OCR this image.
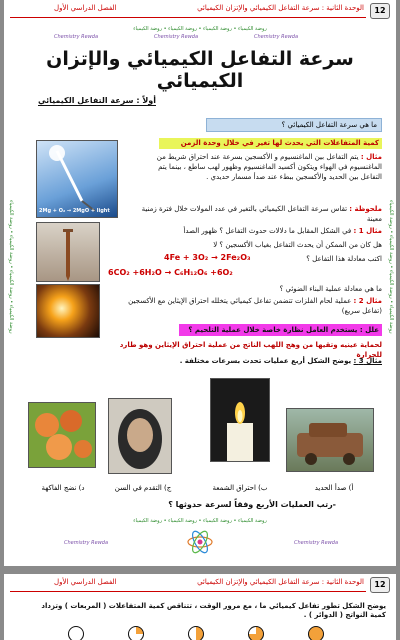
12
الوحدة الثانية : سرعة التفاعل الكيميائي والإتزان الكيميائي
الفصل الدراسي الأول
روضة الكيمياء • روضة الكيمياء • روضة الكيمياء • روضة الكيمياء
Chemistry Rewda	Chemistry Rewda	Chemistry Rewda
روضة الكيمياء • روضة الكيمياء • روضة الكيمياء • روضة الكيمياء	روضة الكيمياء • روضة الكيمياء • روضة الكيمياء • روضة الكيمياء
سرعة التفاعل الكيميائي والإتزان الكيميائي
أولاً : سرعة التفاعل الكيميائي
ما هي سرعة التفاعل الكيميائي ؟
كمية المتفاعلات التي يحدث لها تغير في خلال وحدة الزمن
2Mg + O₂ → 2MgO + light
مثال : يتم التفاعل بين الماغنسيوم و الأكسجين بسرعة عند احتراق شريط من الماغنسيوم في الهواء ويتكون أكسيد الماغنسيوم وظهور لهب ساطع ، بينما يتم التفاعل بين الحديد والأكسجين ببطء عند صدأ مسمار حديدي .
ملحوظة : تقاس سرعة التفاعل الكيميائي بالتغير في عدد المولات خلال فترة زمنية معينة
مثال 1 : في الشكل المقابل ما دلالات حدوث التفاعل ؟ ظهور الصدأ
هل كان من الممكن أن يحدث التفاعل بغياب الأكسجين ؟ لا
اكتب معادلة هذا التفاعل ؟
4Fe + 3O₂ → 2Fe₂O₃
6CO₂ +6H₂O → C₆H₁₂O₆ +6O₂
ما هي معادلة عملية البناء الضوئي ؟
مثال 2 : عملية لحام الفلزات تتضمن تفاعل كيميائي يتخلله احتراق الإيثاين مع الأكسجين (تفاعل سريع)
علل : يستخدم العامل نظارة خاصة خلال عملية التلحيم ؟
لحماية عينيه وتقيها من وهج اللهب الناتج من عملية احتراق الإيثاين وهو طارد للحرارة
مثال 3 : يوضح الشكل أربع عمليات تحدث بسرعات مختلفة .
د) نضج الفاكهة	ج) التقدم في السن	ب) احتراق الشمعة	أ) صدأ الحديد
-رتب العمليات الأربع وفقاً لسرعة حدوثها ؟
روضة الكيمياء • روضة الكيمياء • روضة الكيمياء • روضة الكيمياء
Chemistry Rewda	Chemistry Rewda
12
الوحدة الثانية : سرعة التفاعل الكيميائي والإتزان الكيميائي
الفصل الدراسي الأول
يوضح الشكل تطور تفاعل كيميائي ما ، مع مرور الوقت ، تتناقص كمية المتفاعلات ( المربعات ) وتزداد كمية النواتج ( الدوائر ) .
